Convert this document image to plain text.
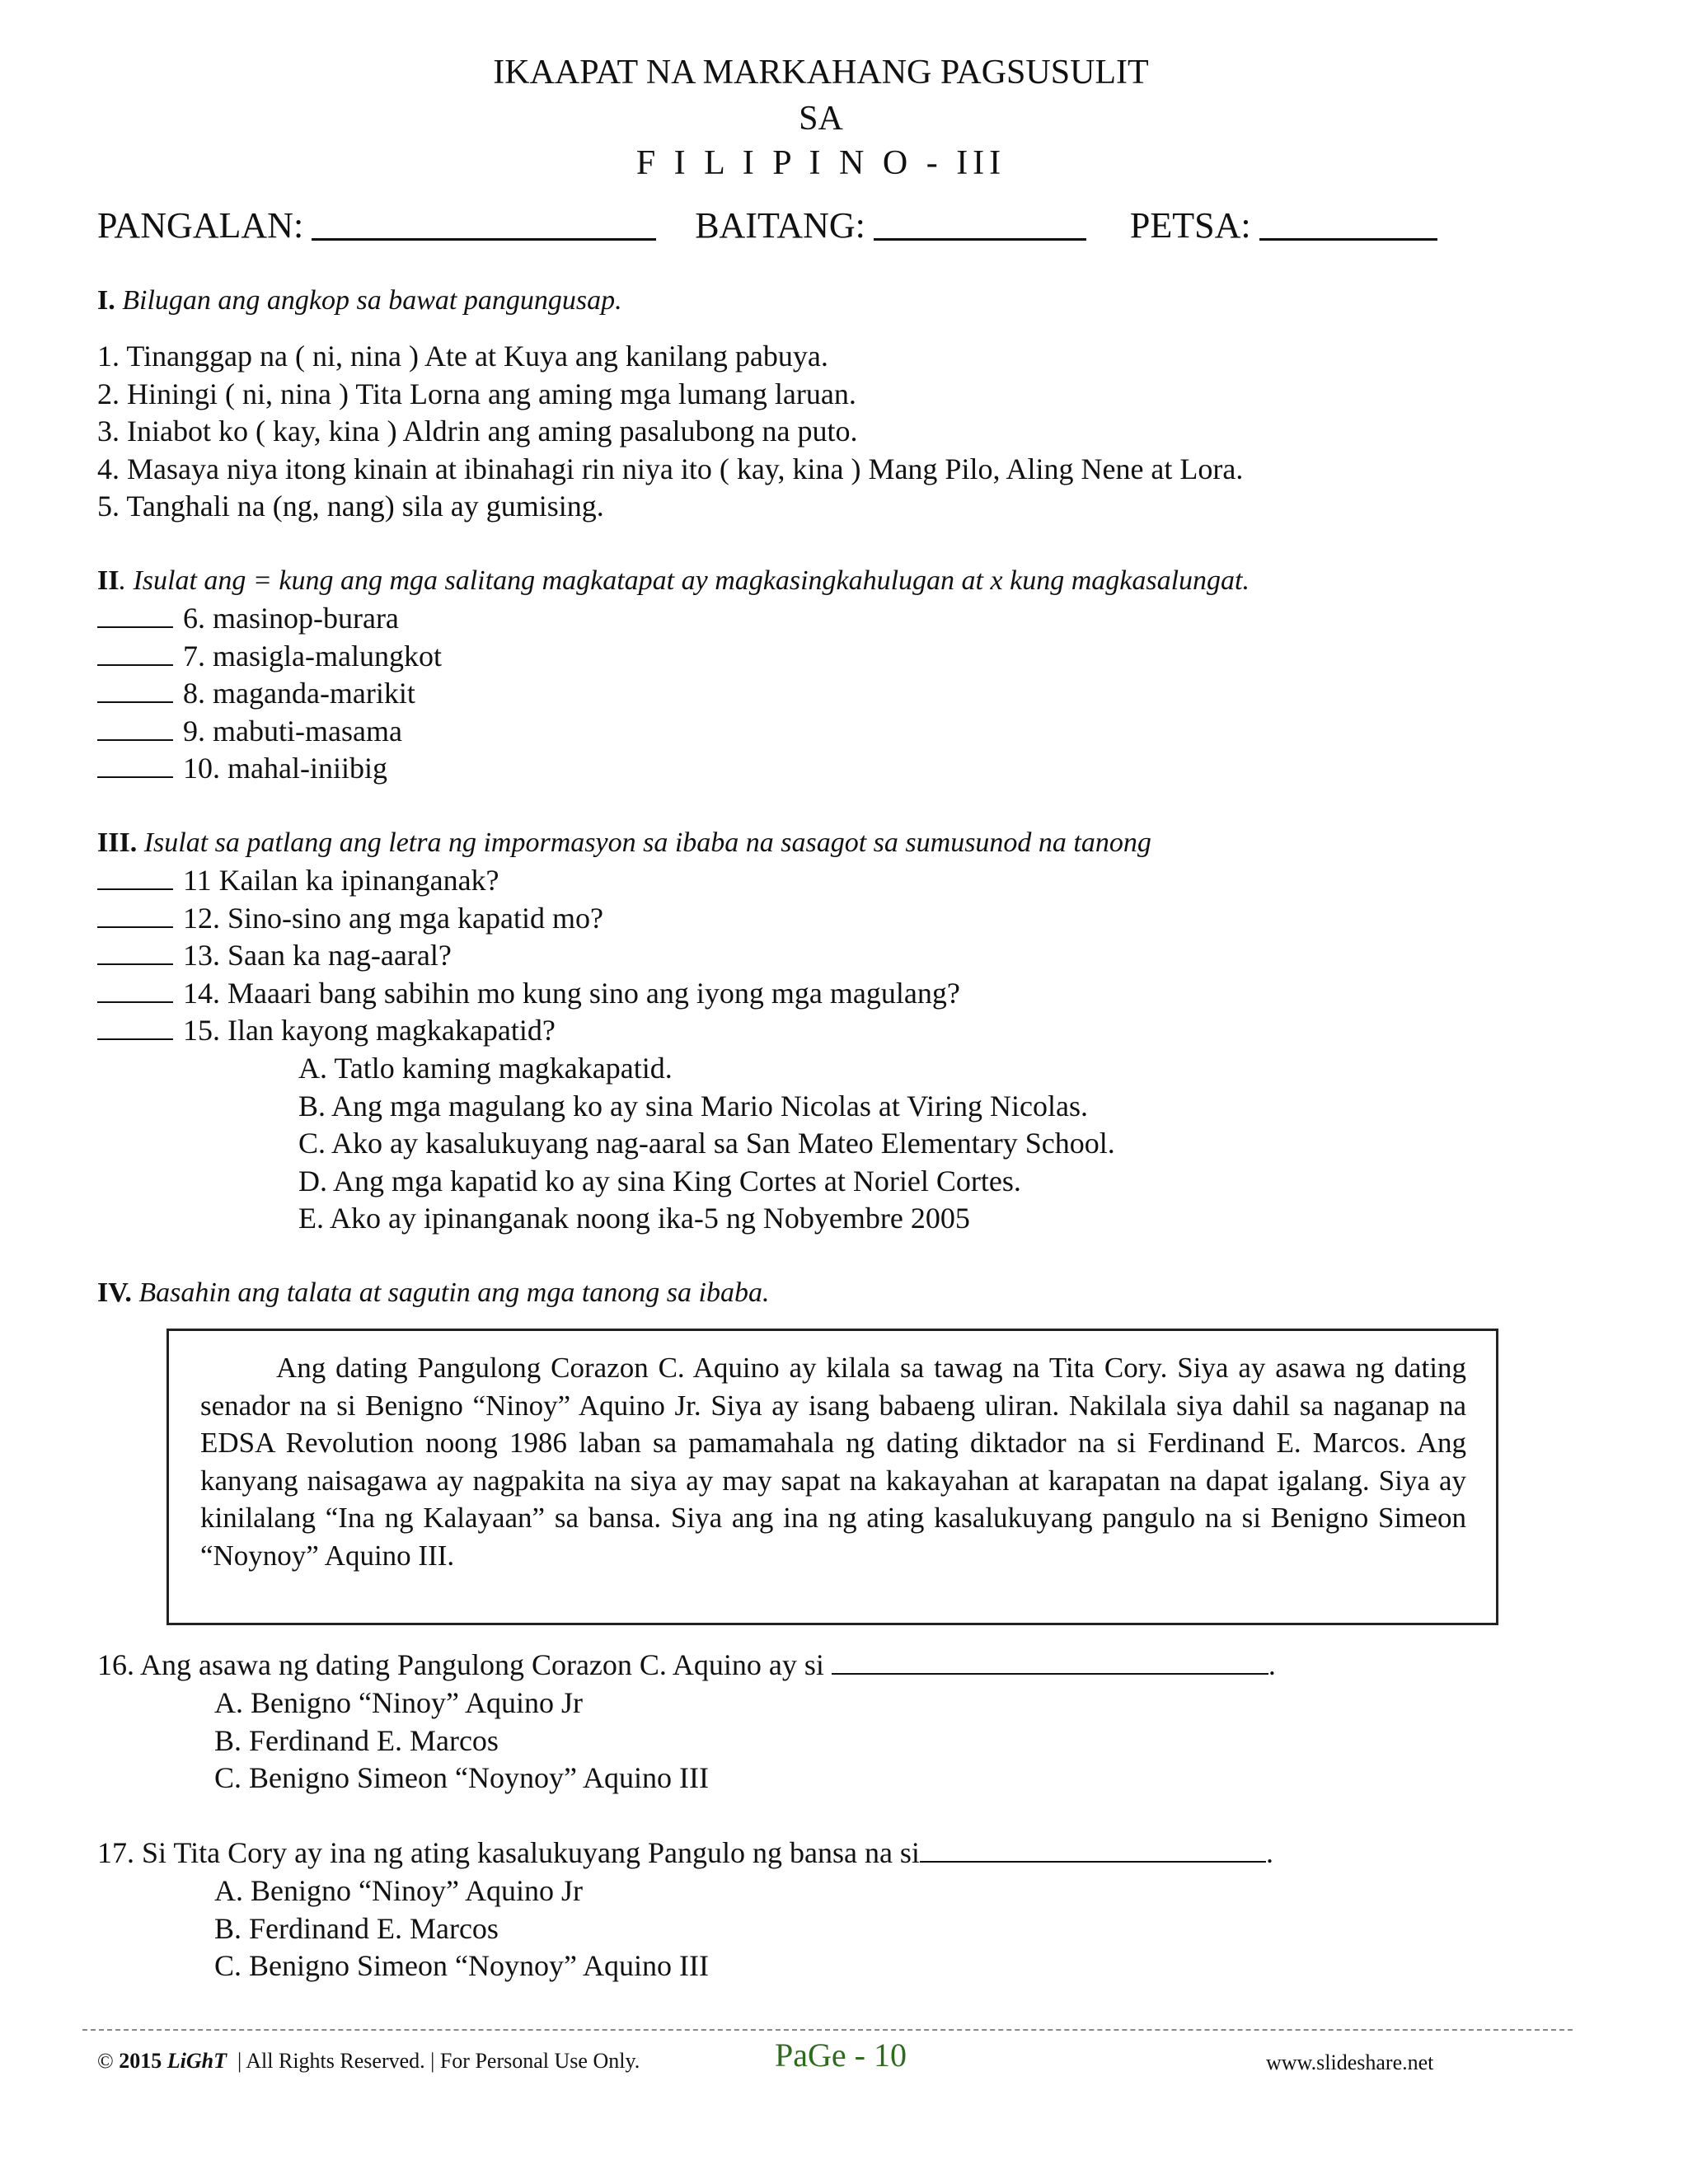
IKAAPAT NA MARKAHANG PAGSUSULIT
SA
F I L I P I N O - III
PANGALAN:	BAITANG:	PETSA:
I. Bilugan ang angkop sa bawat pangungusap.
1. Tinanggap na ( ni, nina ) Ate at Kuya ang kanilang pabuya.
2. Hiningi ( ni, nina ) Tita Lorna ang aming mga lumang laruan.
3. Iniabot ko ( kay, kina ) Aldrin ang aming pasalubong na puto.
4. Masaya niya itong kinain at ibinahagi rin niya ito ( kay, kina ) Mang Pilo, Aling Nene at Lora.
5. Tanghali na (ng, nang) sila ay gumising.
II. Isulat ang = kung ang mga salitang magkatapat ay magkasingkahulugan at x kung magkasalungat.
6. masinop-burara
7. masigla-malungkot
8. maganda-marikit
9. mabuti-masama
10. mahal-iniibig
III. Isulat sa patlang ang letra ng impormasyon sa ibaba na sasagot sa sumusunod na tanong
11 Kailan ka ipinanganak?
12. Sino-sino ang mga kapatid mo?
13. Saan ka nag-aaral?
14. Maaari bang sabihin mo kung sino ang iyong mga magulang?
15. Ilan kayong magkakapatid?
A. Tatlo kaming magkakapatid.
B. Ang mga magulang ko ay sina Mario Nicolas at Viring Nicolas.
C. Ako ay kasalukuyang nag-aaral sa San Mateo Elementary School.
D. Ang mga kapatid ko ay sina King Cortes at Noriel Cortes.
E. Ako ay ipinanganak noong ika-5 ng Nobyembre 2005
IV. Basahin ang talata at sagutin ang mga tanong sa ibaba.

Ang dating Pangulong Corazon C. Aquino ay kilala sa tawag na Tita Cory. Siya ay asawa ng dating senador na si Benigno “Ninoy” Aquino Jr. Siya ay isang babaeng uliran. Nakilala siya dahil sa naganap na EDSA Revolution noong 1986 laban sa pamamahala ng dating diktador na si Ferdinand E. Marcos. Ang kanyang naisagawa ay nagpakita na siya ay may sapat na kakayahan at karapatan na dapat igalang. Siya ay kinilalang “Ina ng Kalayaan” sa bansa. Siya ang ina ng ating kasalukuyang pangulo na si Benigno Simeon “Noynoy” Aquino III.

16. Ang asawa ng dating Pangulong Corazon C. Aquino ay si	.
A. Benigno “Ninoy” Aquino Jr
B. Ferdinand E. Marcos
C. Benigno Simeon “Noynoy” Aquino III
17. Si Tita Cory ay ina ng ating kasalukuyang Pangulo ng bansa na si	.
A. Benigno “Ninoy” Aquino Jr
B. Ferdinand E. Marcos
C. Benigno Simeon “Noynoy” Aquino III
© 2015 LiGhT | All Rights Reserved. | For Personal Use Only.	PaGe - 10	www.slideshare.net
